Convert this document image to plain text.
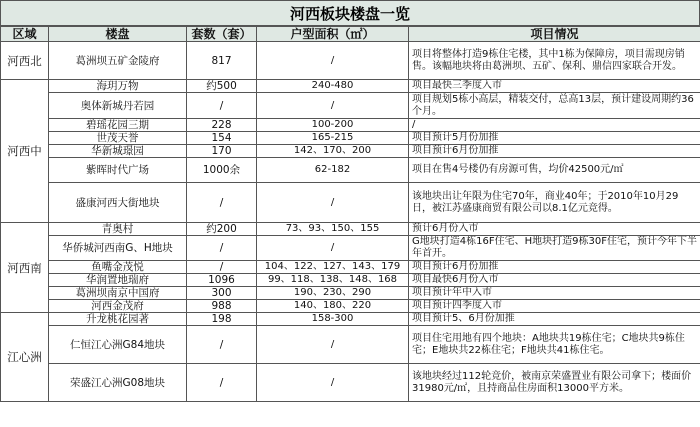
河西板块楼盘一览
区域	楼盘	套数（套）	户型面积（㎡）	项目情况
河西北	葛洲坝五矿金陵府	817	/	项目将整体打造9栋住宅楼，其中1栋为保障房，项目需现房销售。该幅地块将由葛洲坝、五矿、保利、鼎信四家联合开发。
河西中	海玥万物	约500	240-480	项目最快三季度入市
	奥体新城丹若园	/	/	项目规划5栋小高层，精装交付，总高13层，预计建设周期约36个月。
	碧瑶花园三期	228	100-200	/
	世茂天誉	154	165-215	项目预计5月份加推
	华新城璟园	170	142、170、200	项目预计6月份加推
	紫晖时代广场	1000余	62-182	项目在售4号楼仍有房源可售，均价42500元/㎡
	盛康河西大街地块	/	/	该地块出让年限为住宅70年，商业40年；于2010年10月29日，被江苏盛康商贸有限公司以8.1亿元竞得。
河西南	青奥村	约200	73、93、150、155	预计6月份入市
	华侨城河西南G、H地块	/	/	G地块打造4栋16F住宅、H地块打造9栋30F住宅，预计今年下半年首开。
	鱼嘴金茂悦	/	104、122、127、143、179	项目预计6月份加推
	华润置地瑞府	1096	99、118、138、148、168	项目最快6月份入市
	葛洲坝南京中国府	300	190、230、290	项目预计年中入市
	河西金茂府	988	140、180、220	项目预计四季度入市
江心洲	升龙桃花园著	198	158-300	项目预计5、6月份加推
	仁恒江心洲G84地块	/	/	项目住宅用地有四个地块：A地块共19栋住宅；C地块共9栋住宅；E地块共22栋住宅；F地块共41栋住宅。
	荣盛江心洲G08地块	/	/	该地块经过112轮竞价，被南京荣盛置业有限公司拿下；楼面价31980元/㎡，且持商品住房面积13000平方米。
